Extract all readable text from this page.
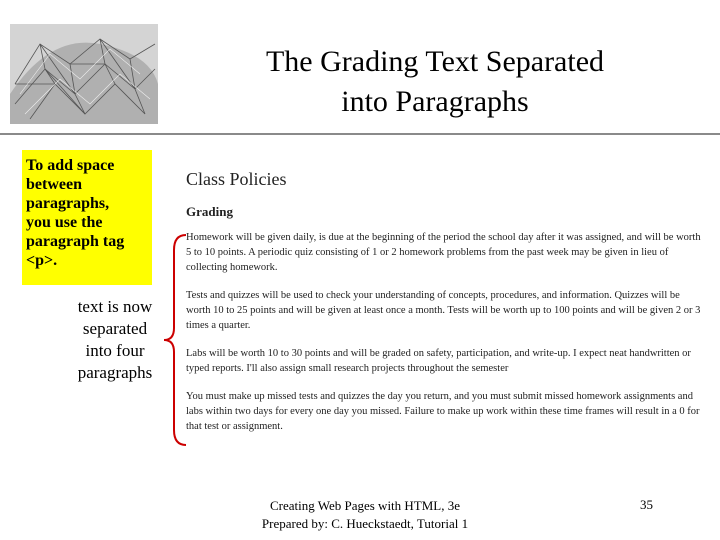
The Grading Text Separated
into Paragraphs
To add space
between
paragraphs,
you use the
paragraph tag
<p>.
text is now
separated
into four
paragraphs
Class Policies
Grading

Homework will be given daily, is due at the beginning of the period the school day after it was assigned, and will be worth 5 to 10 points. A periodic quiz consisting of 1 or 2 homework problems from the past week may be given in lieu of collecting homework.

Tests and quizzes will be used to check your understanding of concepts, procedures, and information. Quizzes will be worth 10 to 25 points and will be given at least once a month. Tests will be worth up to 100 points and will be given 2 or 3 times a quarter.

Labs will be worth 10 to 30 points and will be graded on safety, participation, and write-up. I expect neat handwritten or typed reports. I'll also assign small research projects throughout the semester

You must make up missed tests and quizzes the day you return, and you must submit missed homework assignments and labs within two days for every one day you missed. Failure to make up work within these time frames will result in a 0 for that test or assignment.

Creating Web Pages with HTML, 3e
Prepared by: C. Hueckstaedt, Tutorial 1
35
